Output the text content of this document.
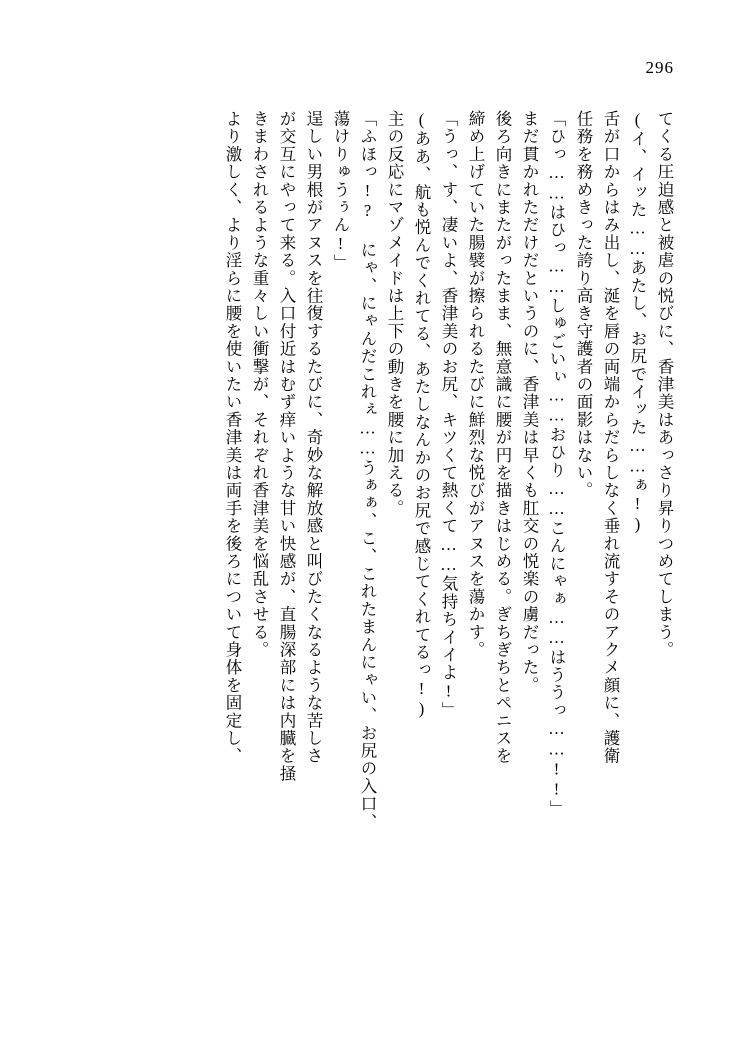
296
てくる圧迫感と被虐の悦びに、香津美はあっさり昇りつめてしまう。
(イ、イッた……あたし、お尻でイッた……ぁ!)
舌が口からはみ出し、涎を唇の両端からだらしなく垂れ流すそのアクメ顔に、護衛
任務を務めきった誇り高き守護者の面影はない。
「ひっ……はひっ……しゅごいぃ……おひり……こんにゃぁ……はううっ……!!」
まだ貫かれただけだというのに、香津美は早くも肛交の悦楽の虜だった。
後ろ向きにまたがったまま、無意識に腰が円を描きはじめる。ぎちぎちとペニスを
締め上げていた腸襞が擦られるたびに鮮烈な悦びがアヌスを蕩かす。
「うっ、す、凄いよ、香津美のお尻、キツくて熱くて……気持ちイイよ!」
(ああ、航も悦んでくれてる、あたしなんかのお尻で感じてくれてるっ!)
主の反応にマゾメイドは上下の動きを腰に加える。
「ふほっ!? にゃ、にゃんだこれぇ……うぁぁ、こ、これたまんにゃい、お尻の入口、
蕩けりゅうぅん!」
逞しい男根がアヌスを往復するたびに、奇妙な解放感と叫びたくなるような苦しさ
が交互にやって来る。入口付近はむず痒いような甘い快感が、直腸深部には内臓を掻
きまわされるような重々しい衝撃が、それぞれ香津美を悩乱させる。
より激しく、より淫らに腰を使いたい香津美は両手を後ろについて身体を固定し、
